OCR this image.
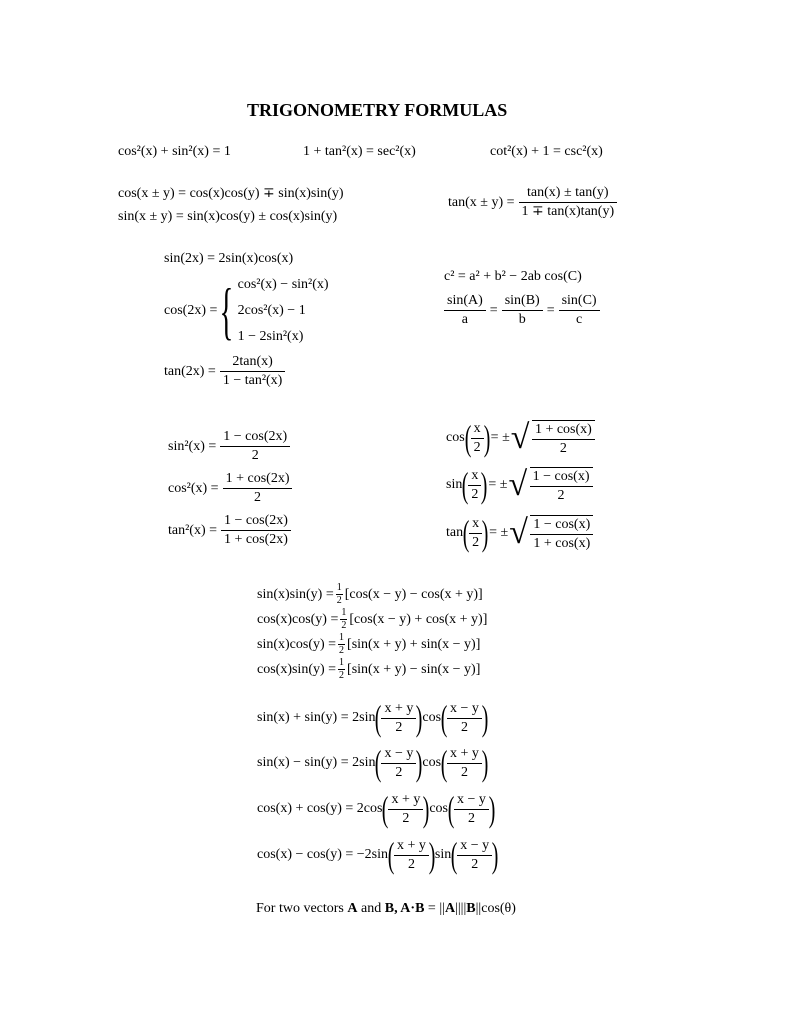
TRIGONOMETRY FORMULAS
cos²(x) + sin²(x) = 1	1 + tan²(x) = sec²(x)	cot²(x) + 1 = csc²(x)
cos(x ± y) = cos(x)cos(y) ∓ sin(x)sin(y)
sin(x ± y) = sin(x)cos(y) ± cos(x)sin(y)
$\tan(x \pm y) = \frac{\tan(x) \pm \tan(y)}{1 \mp \tan(x)\tan(y)}$
sin(2x) = 2sin(x)cos(x)
cos(2x) = { cos²(x) − sin²(x)
2cos²(x) − 1
1 − 2sin²(x)
$\tan(2x) = \frac{2\tan(x)}{\text{1 − tan²(x)}}$
c² = a² + b² − 2ab cos(C)
$\frac{\sin(A)}{a} = \frac{\sin(B)}{b} = \frac{\sin(C)}{c}$
$\sin^2(x) = \frac{1 - \cos(2x)}{2}$
$\cos^2(x) = \frac{1 + \cos(2x)}{2}$
$\tan^2(x) = \frac{1 - \cos(2x)}{1 + \cos(2x)}$
cos ( $\frac{x}{2}$ ) = ± √ $\frac{1 + \cos(x)}{2}$
sin ( $\frac{x}{2}$ ) = ± √ $\frac{1 - \cos(x)}{2}$
tan ( $\frac{x}{2}$ ) = ± √ $\frac{1 - \cos(x)}{1 + \cos(x)}$
$\sin(x)\sin(y) = \frac{1}{2} [\cos(x - y) - \cos(x + y)]$
$\cos(x)\cos(y) = \frac{1}{2} [\cos(x - y) + \cos(x + y)]$
$\sin(x)\cos(y) = \frac{1}{2} [\sin(x + y) + \sin(x - y)]$
$\cos(x)\sin(y) = \frac{1}{2} [\sin(x + y) - \sin(x - y)]$
sin(x) + sin(y) = 2sin ( $\frac{x + y}{2}$ ) cos ( $\frac{x - y}{2}$ )
sin(x) − sin(y) = 2sin ( $\frac{x - y}{2}$ ) cos ( $\frac{x + y}{2}$ )
cos(x) + cos(y) = 2cos ( $\frac{x + y}{2}$ ) cos ( $\frac{x - y}{2}$ )
cos(x) − cos(y) = −2sin ( $\frac{x + y}{2}$ ) sin ( $\frac{x - y}{2}$ )
For two vectors A and B, A·B = ||A||||B||cos(θ)
